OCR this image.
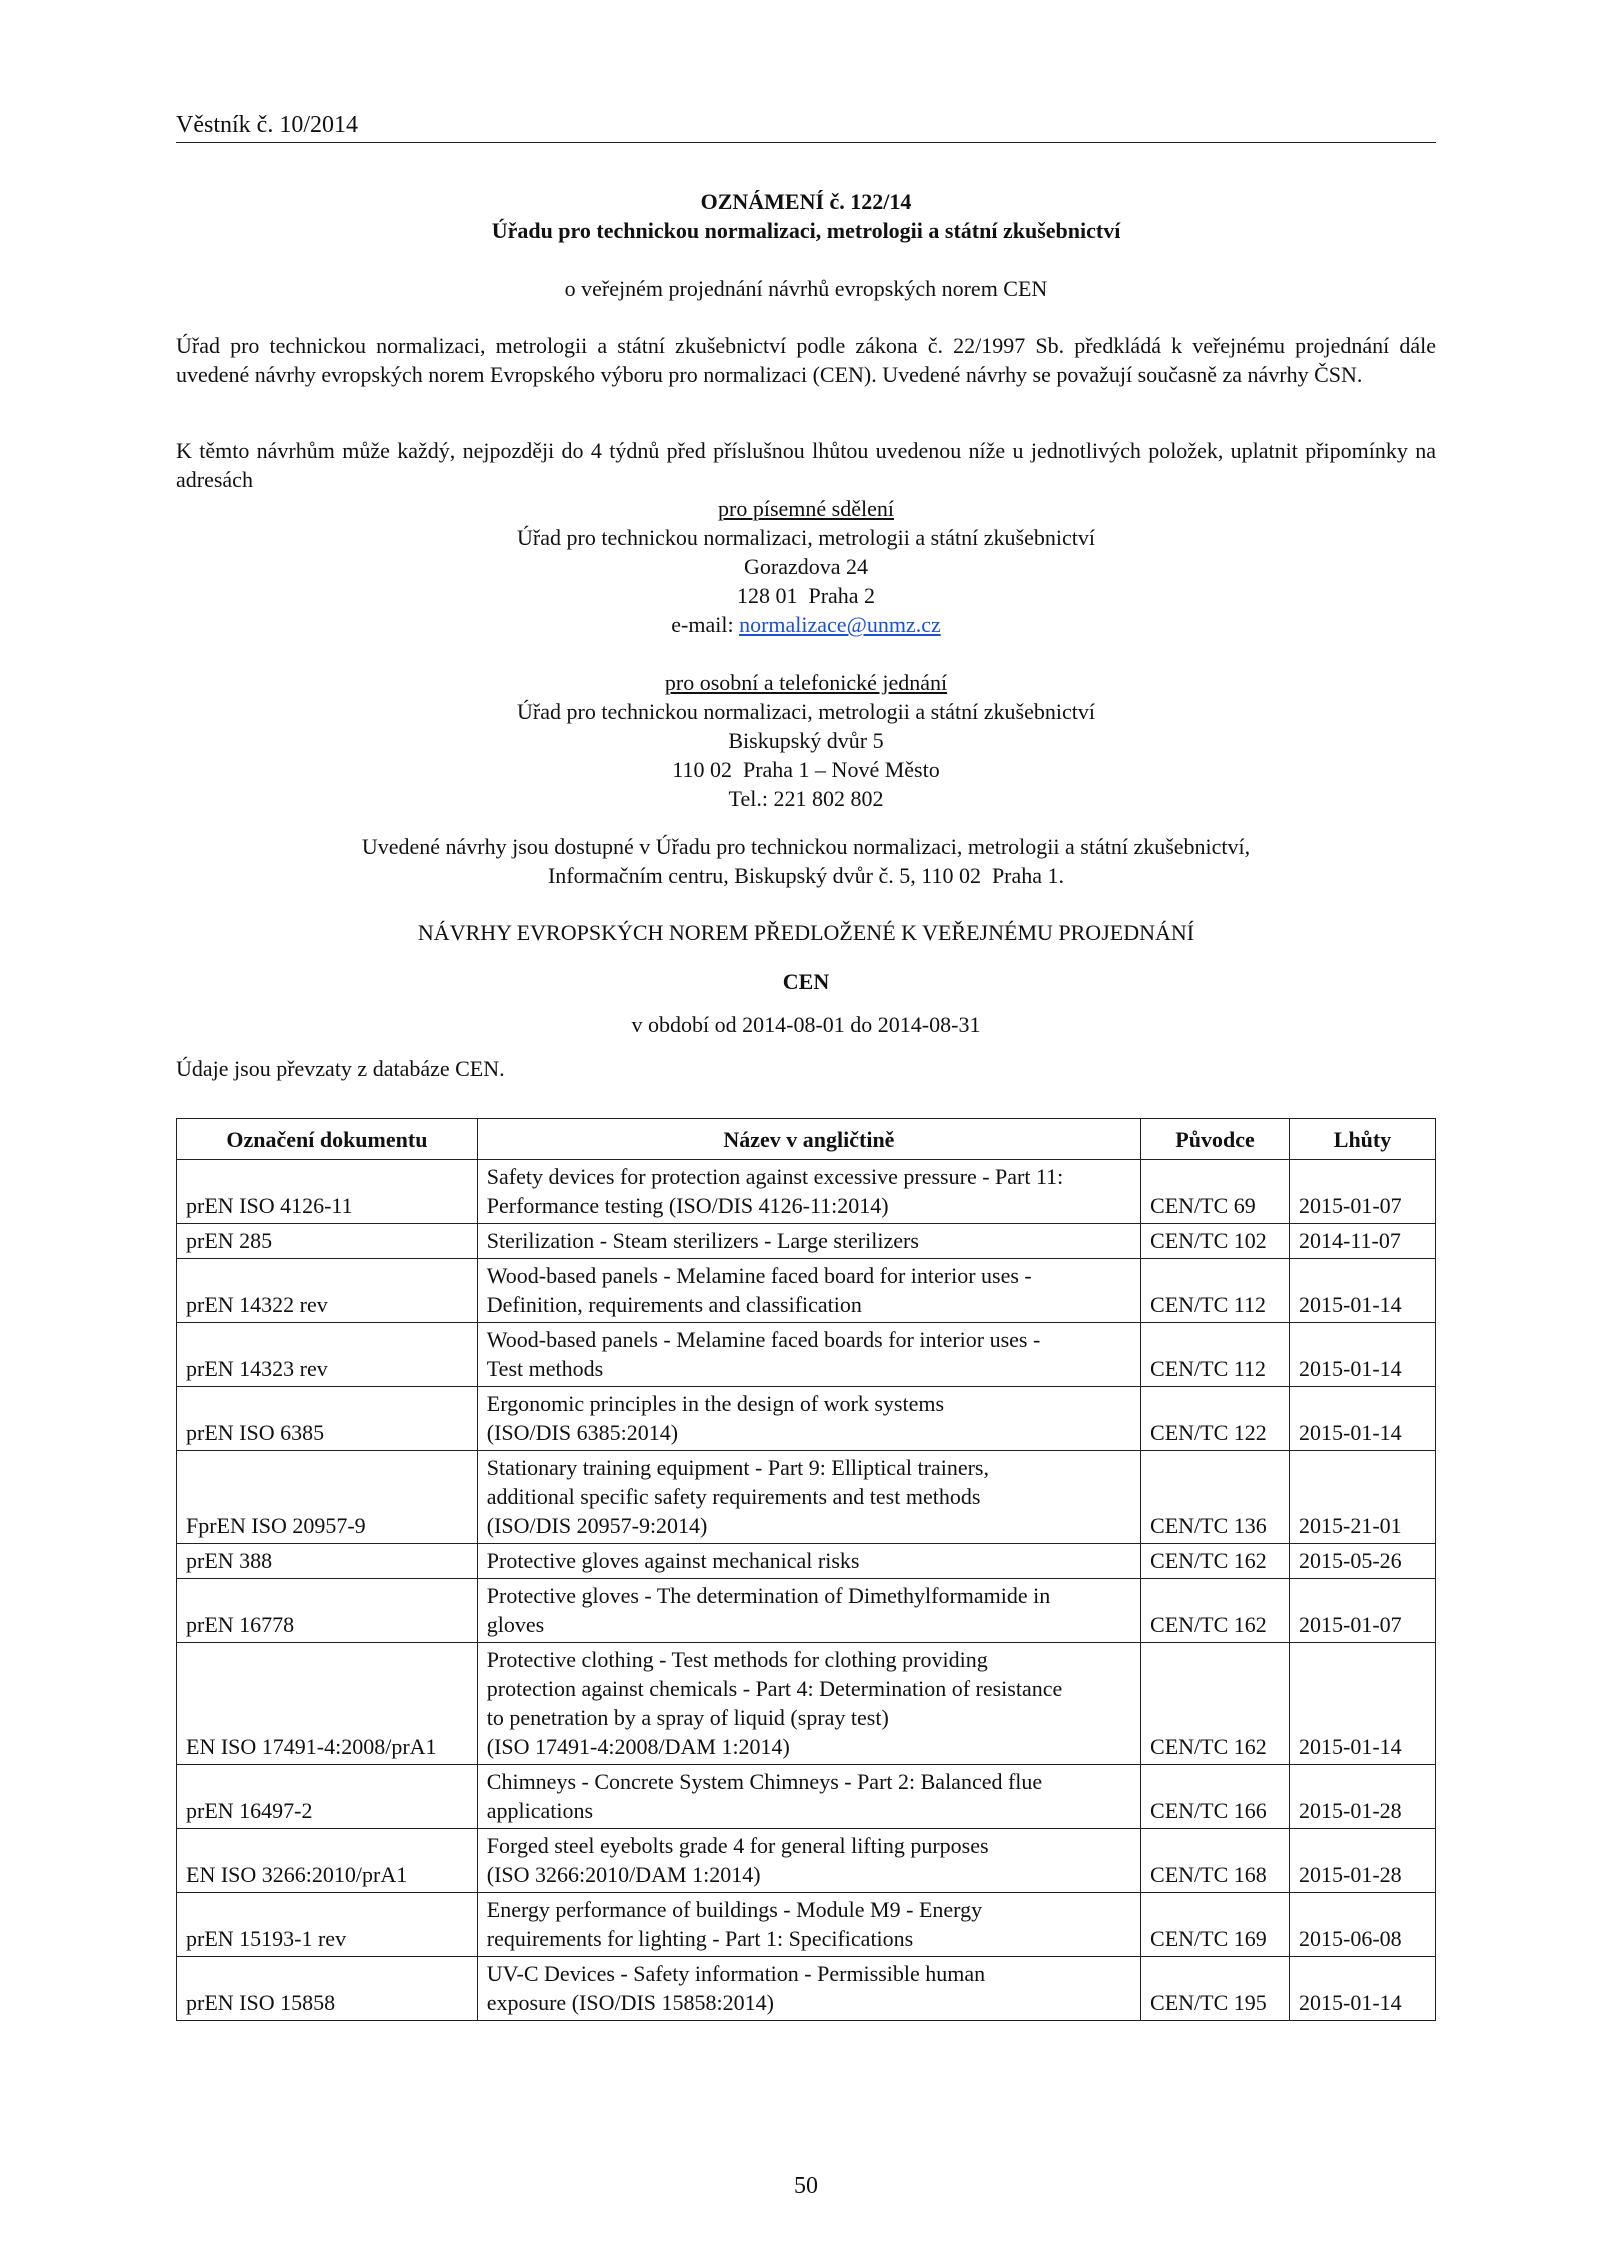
Věstník č. 10/2014
OZNÁMENÍ č. 122/14
Úřadu pro technickou normalizaci, metrologii a státní zkušebnictví
o veřejném projednání návrhů evropských norem CEN
Úřad pro technickou normalizaci, metrologii a státní zkušebnictví podle zákona č. 22/1997 Sb. předkládá k veřejnému projednání dále uvedené návrhy evropských norem Evropského výboru pro normalizaci (CEN). Uvedené návrhy se považují současně za návrhy ČSN.
K těmto návrhům může každý, nejpozději do 4 týdnů před příslušnou lhůtou uvedenou níže u jednotlivých položek, uplatnit připomínky na adresách
pro písemné sdělení
Úřad pro technickou normalizaci, metrologii a státní zkušebnictví
Gorazdova 24
128 01  Praha 2
e-mail: normalizace@unmz.cz
pro osobní a telefonické jednání
Úřad pro technickou normalizaci, metrologii a státní zkušebnictví
Biskupský dvůr 5
110 02  Praha 1 – Nové Město
Tel.: 221 802 802
Uvedené návrhy jsou dostupné v Úřadu pro technickou normalizaci, metrologii a státní zkušebnictví,
Informačním centru, Biskupský dvůr č. 5, 110 02  Praha 1.
NÁVRHY EVROPSKÝCH NOREM PŘEDLOŽENÉ K VEŘEJNÉMU PROJEDNÁNÍ
CEN
v období od 2014-08-01 do 2014-08-31
Údaje jsou převzaty z databáze CEN.
Označení dokumentu	Název v angličtině	Původce	Lhůty
prEN ISO 4126-11	Safety devices for protection against excessive pressure - Part 11:
Performance testing (ISO/DIS 4126-11:2014)	CEN/TC 69	2015-01-07
prEN 285	Sterilization - Steam sterilizers - Large sterilizers	CEN/TC 102	2014-11-07
prEN 14322 rev	Wood-based panels - Melamine faced board for interior uses -
Definition, requirements and classification	CEN/TC 112	2015-01-14
prEN 14323 rev	Wood-based panels - Melamine faced boards for interior uses -
Test methods	CEN/TC 112	2015-01-14
prEN ISO 6385	Ergonomic principles in the design of work systems
(ISO/DIS 6385:2014)	CEN/TC 122	2015-01-14
FprEN ISO 20957-9	Stationary training equipment - Part 9: Elliptical trainers,
additional specific safety requirements and test methods
(ISO/DIS 20957-9:2014)	CEN/TC 136	2015-21-01
prEN 388	Protective gloves against mechanical risks	CEN/TC 162	2015-05-26
prEN 16778	Protective gloves - The determination of Dimethylformamide in
gloves	CEN/TC 162	2015-01-07
EN ISO 17491-4:2008/prA1	Protective clothing - Test methods for clothing providing
protection against chemicals - Part 4: Determination of resistance
to penetration by a spray of liquid (spray test)
(ISO 17491-4:2008/DAM 1:2014)	CEN/TC 162	2015-01-14
prEN 16497-2	Chimneys - Concrete System Chimneys - Part 2: Balanced flue
applications	CEN/TC 166	2015-01-28
EN ISO 3266:2010/prA1	Forged steel eyebolts grade 4 for general lifting purposes
(ISO 3266:2010/DAM 1:2014)	CEN/TC 168	2015-01-28
prEN 15193-1 rev	Energy performance of buildings - Module M9 - Energy
requirements for lighting - Part 1: Specifications	CEN/TC 169	2015-06-08
prEN ISO 15858	UV-C Devices - Safety information - Permissible human
exposure (ISO/DIS 15858:2014)	CEN/TC 195	2015-01-14
50
